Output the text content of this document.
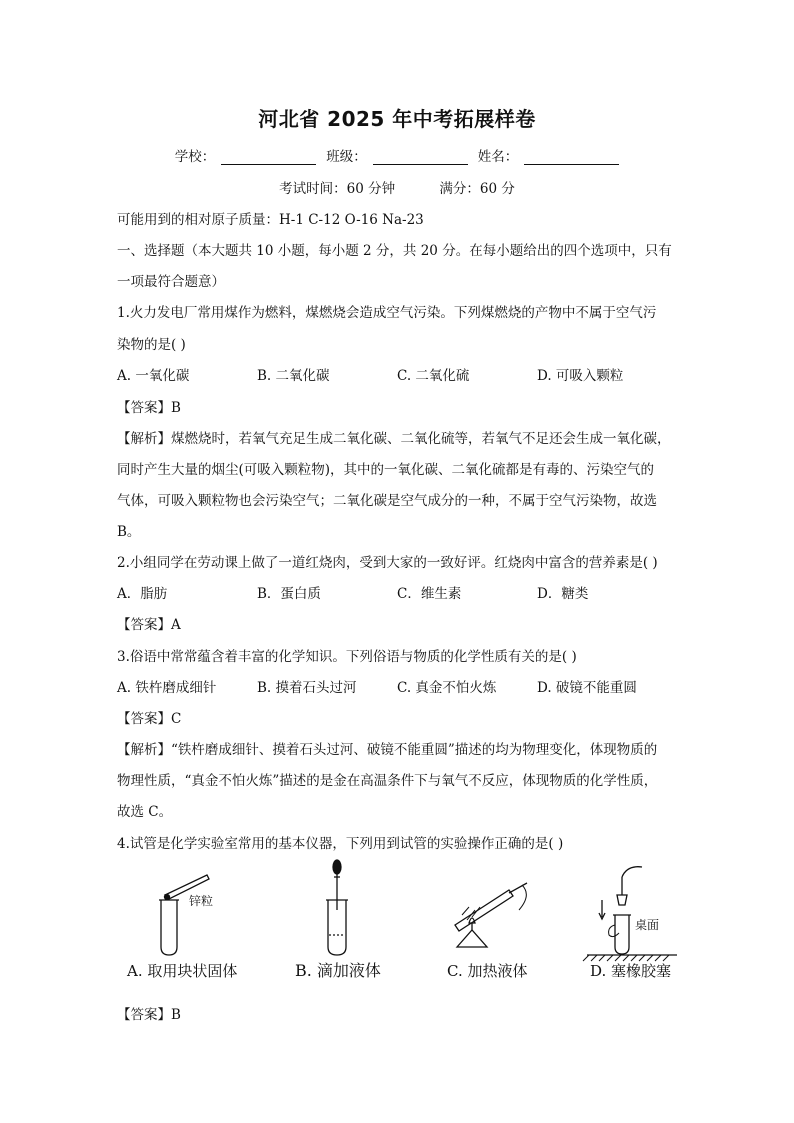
河北省 2025 年中考拓展样卷
学校：	班级：	姓名：
考试时间：60 分钟	满分：60 分
可能用到的相对原子质量：H-1 C-12 O-16 Na-23
一、选择题（本大题共 10 小题，每小题 2 分，共 20 分。在每小题给出的四个选项中，只有
一项最符合题意）
1.火力发电厂常用煤作为燃料，煤燃烧会造成空气污染。下列煤燃烧的产物中不属于空气污
染物的是( )
A. 一氧化碳	B. 二氧化碳	C. 二氧化硫	D. 可吸入颗粒
【答案】B
【解析】煤燃烧时，若氧气充足生成二氧化碳、二氧化硫等，若氧气不足还会生成一氧化碳，
同时产生大量的烟尘(可吸入颗粒物)，其中的一氧化碳、二氧化硫都是有毒的、污染空气的
气体，可吸入颗粒物也会污染空气；二氧化碳是空气成分的一种，不属于空气污染物，故选
B。
2.小组同学在劳动课上做了一道红烧肉，受到大家的一致好评。红烧肉中富含的营养素是( )
A．脂肪	B．蛋白质	C．维生素	D．糖类
【答案】A
3.俗语中常常蕴含着丰富的化学知识。下列俗语与物质的化学性质有关的是( )
A. 铁杵磨成细针	B. 摸着石头过河	C. 真金不怕火炼	D. 破镜不能重圆
【答案】C
【解析】“铁杵磨成细针、摸着石头过河、破镜不能重圆”描述的均为物理变化，体现物质的
物理性质，“真金不怕火炼”描述的是金在高温条件下与氧气不反应，体现物质的化学性质，
故选 C。
4.试管是化学实验室常用的基本仪器，下列用到试管的实验操作正确的是( )
锌粒
桌面
A. 取用块状固体	B. 滴加液体	C. 加热液体	D. 塞橡胶塞
【答案】B
